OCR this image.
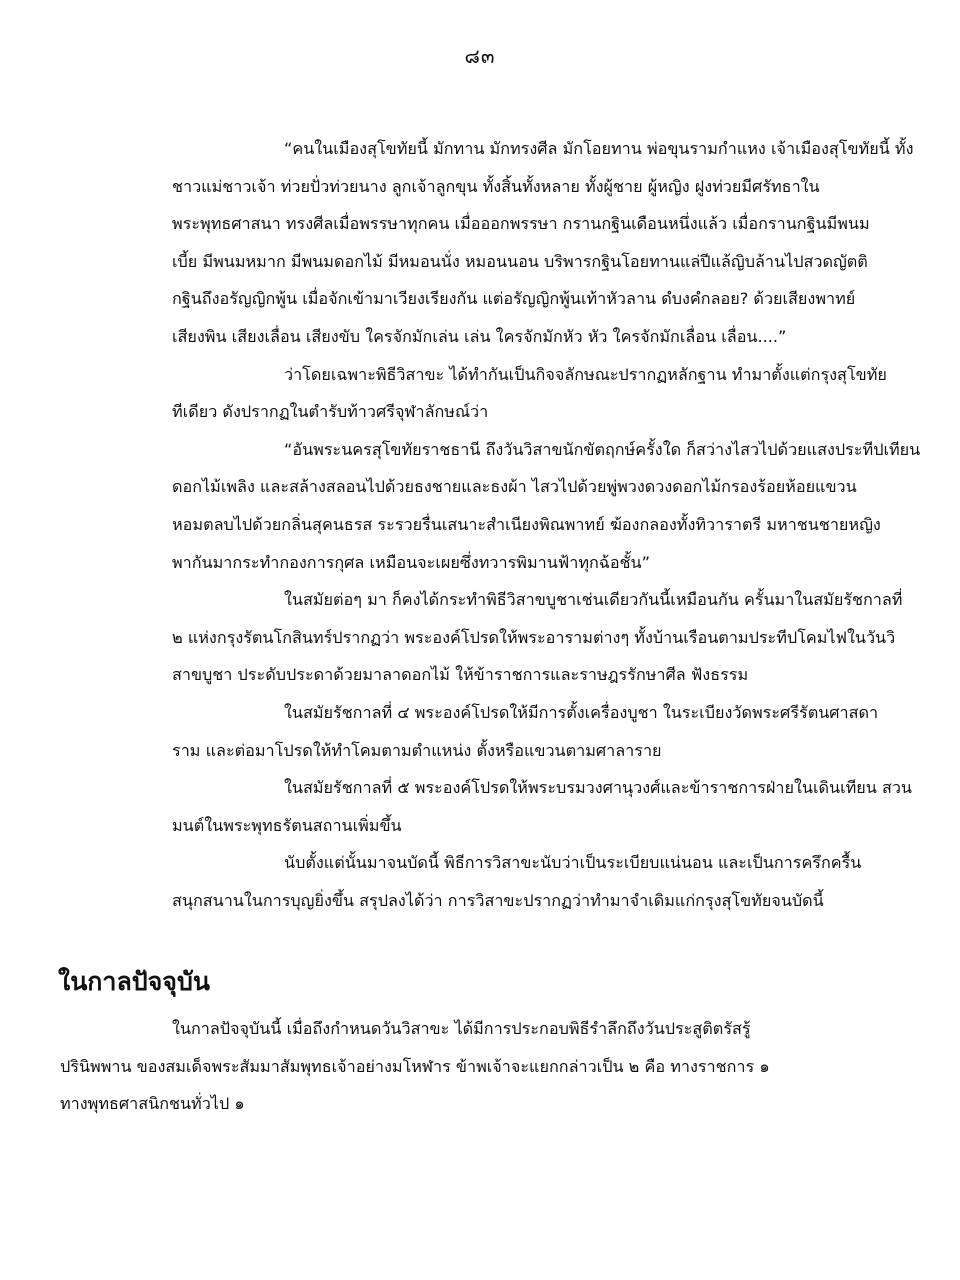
๘๓

“คนในเมืองสุโขทัยนี้ มักทาน มักทรงศีล มักโอยทาน พ่อขุนรามกำแหง เจ้าเมืองสุโขทัยนี้ ทั้ง
ชาวแม่ชาวเจ้า ท่วยปั่วท่วยนาง ลูกเจ้าลูกขุน ทั้งสิ้นทั้งหลาย ทั้งผู้ชาย ผู้หญิง ฝูงท่วยมีศรัทธาใน
พระพุทธศาสนา ทรงศีลเมื่อพรรษาทุกคน เมื่อออกพรรษา กรานกฐินเดือนหนึ่งแล้ว เมื่อกรานกฐินมีพนม
เบี้ย มีพนมหมาก มีพนมดอกไม้ มีหมอนนั่ง หมอนนอน บริพารกฐินโอยทานแล่ปีแล้ญิบล้านไปสวดญัตติ
กฐินถึงอรัญญิกพู้น เมื่อจักเข้ามาเวียงเรียงกัน แต่อรัญญิกพู้นเท้าหัวลาน ดํบงคํกลอย? ด้วยเสียงพาทย์
เสียงพิน เสียงเลื่อน เสียงขับ ใครจักมักเล่น เล่น ใครจักมักหัว หัว ใครจักมักเลื่อน เลื่อน....”

ว่าโดยเฉพาะพิธีวิสาขะ ได้ทำกันเป็นกิจจลักษณะปรากฏหลักฐาน ทำมาตั้งแต่กรุงสุโขทัย
ทีเดียว ดังปรากฏในตำรับท้าวศรีจุฬาลักษณ์ว่า

“อันพระนครสุโขทัยราชธานี ถึงวันวิสาขนักขัตฤกษ์ครั้งใด ก็สว่างไสวไปด้วยแสงประทีปเทียน
ดอกไม้เพลิง และสล้างสลอนไปด้วยธงชายและธงผ้า ไสวไปด้วยพู่พวงดวงดอกไม้กรองร้อยห้อยแขวน
หอมตลบไปด้วยกลิ่นสุคนธรส ระรวยรื่นเสนาะสำเนียงพิณพาทย์ ฆ้องกลองทั้งทิวาราตรี มหาชนชายหญิง
พากันมากระทำกองการกุศล เหมือนจะเผยซึ่งทวารพิมานฟ้าทุกฉ้อชั้น”

ในสมัยต่อๆ มา ก็คงได้กระทำพิธีวิสาขบูชาเช่นเดียวกันนี้เหมือนกัน ครั้นมาในสมัยรัชกาลที่
๒ แห่งกรุงรัตนโกสินทร์ปรากฏว่า พระองค์โปรดให้พระอารามต่างๆ ทั้งบ้านเรือนตามประทีปโคมไฟในวันวิ
สาขบูชา ประดับประดาด้วยมาลาดอกไม้ ให้ข้าราชการและราษฎรรักษาศีล ฟังธรรม

ในสมัยรัชกาลที่ ๔ พระองค์โปรดให้มีการตั้งเครื่องบูชา ในระเบียงวัดพระศรีรัตนศาสดา
ราม และต่อมาโปรดให้ทำโคมตามตำแหน่ง ตั้งหรือแขวนตามศาลาราย

ในสมัยรัชกาลที่ ๕ พระองค์โปรดให้พระบรมวงศานุวงศ์และข้าราชการฝ่ายในเดินเทียน สวน
มนต์ในพระพุทธรัตนสถานเพิ่มขึ้น

นับตั้งแต่นั้นมาจนบัดนี้ พิธีการวิสาขะนับว่าเป็นระเบียบแน่นอน และเป็นการครึกครื้น
สนุกสนานในการบุญยิ่งขึ้น สรุปลงได้ว่า การวิสาขะปรากฏว่าทำมาจำเดิมแก่กรุงสุโขทัยจนบัดนี้

ในกาลปัจจุบัน
ในกาลปัจจุบันนี้ เมื่อถึงกำหนดวันวิสาขะ ได้มีการประกอบพิธีรำลึกถึงวันประสูติตรัสรู้
ปรินิพพาน ของสมเด็จพระสัมมาสัมพุทธเจ้าอย่างมโหฬาร ข้าพเจ้าจะแยกกล่าวเป็น ๒ คือ ทางราชการ ๑
ทางพุทธศาสนิกชนทั่วไป ๑
